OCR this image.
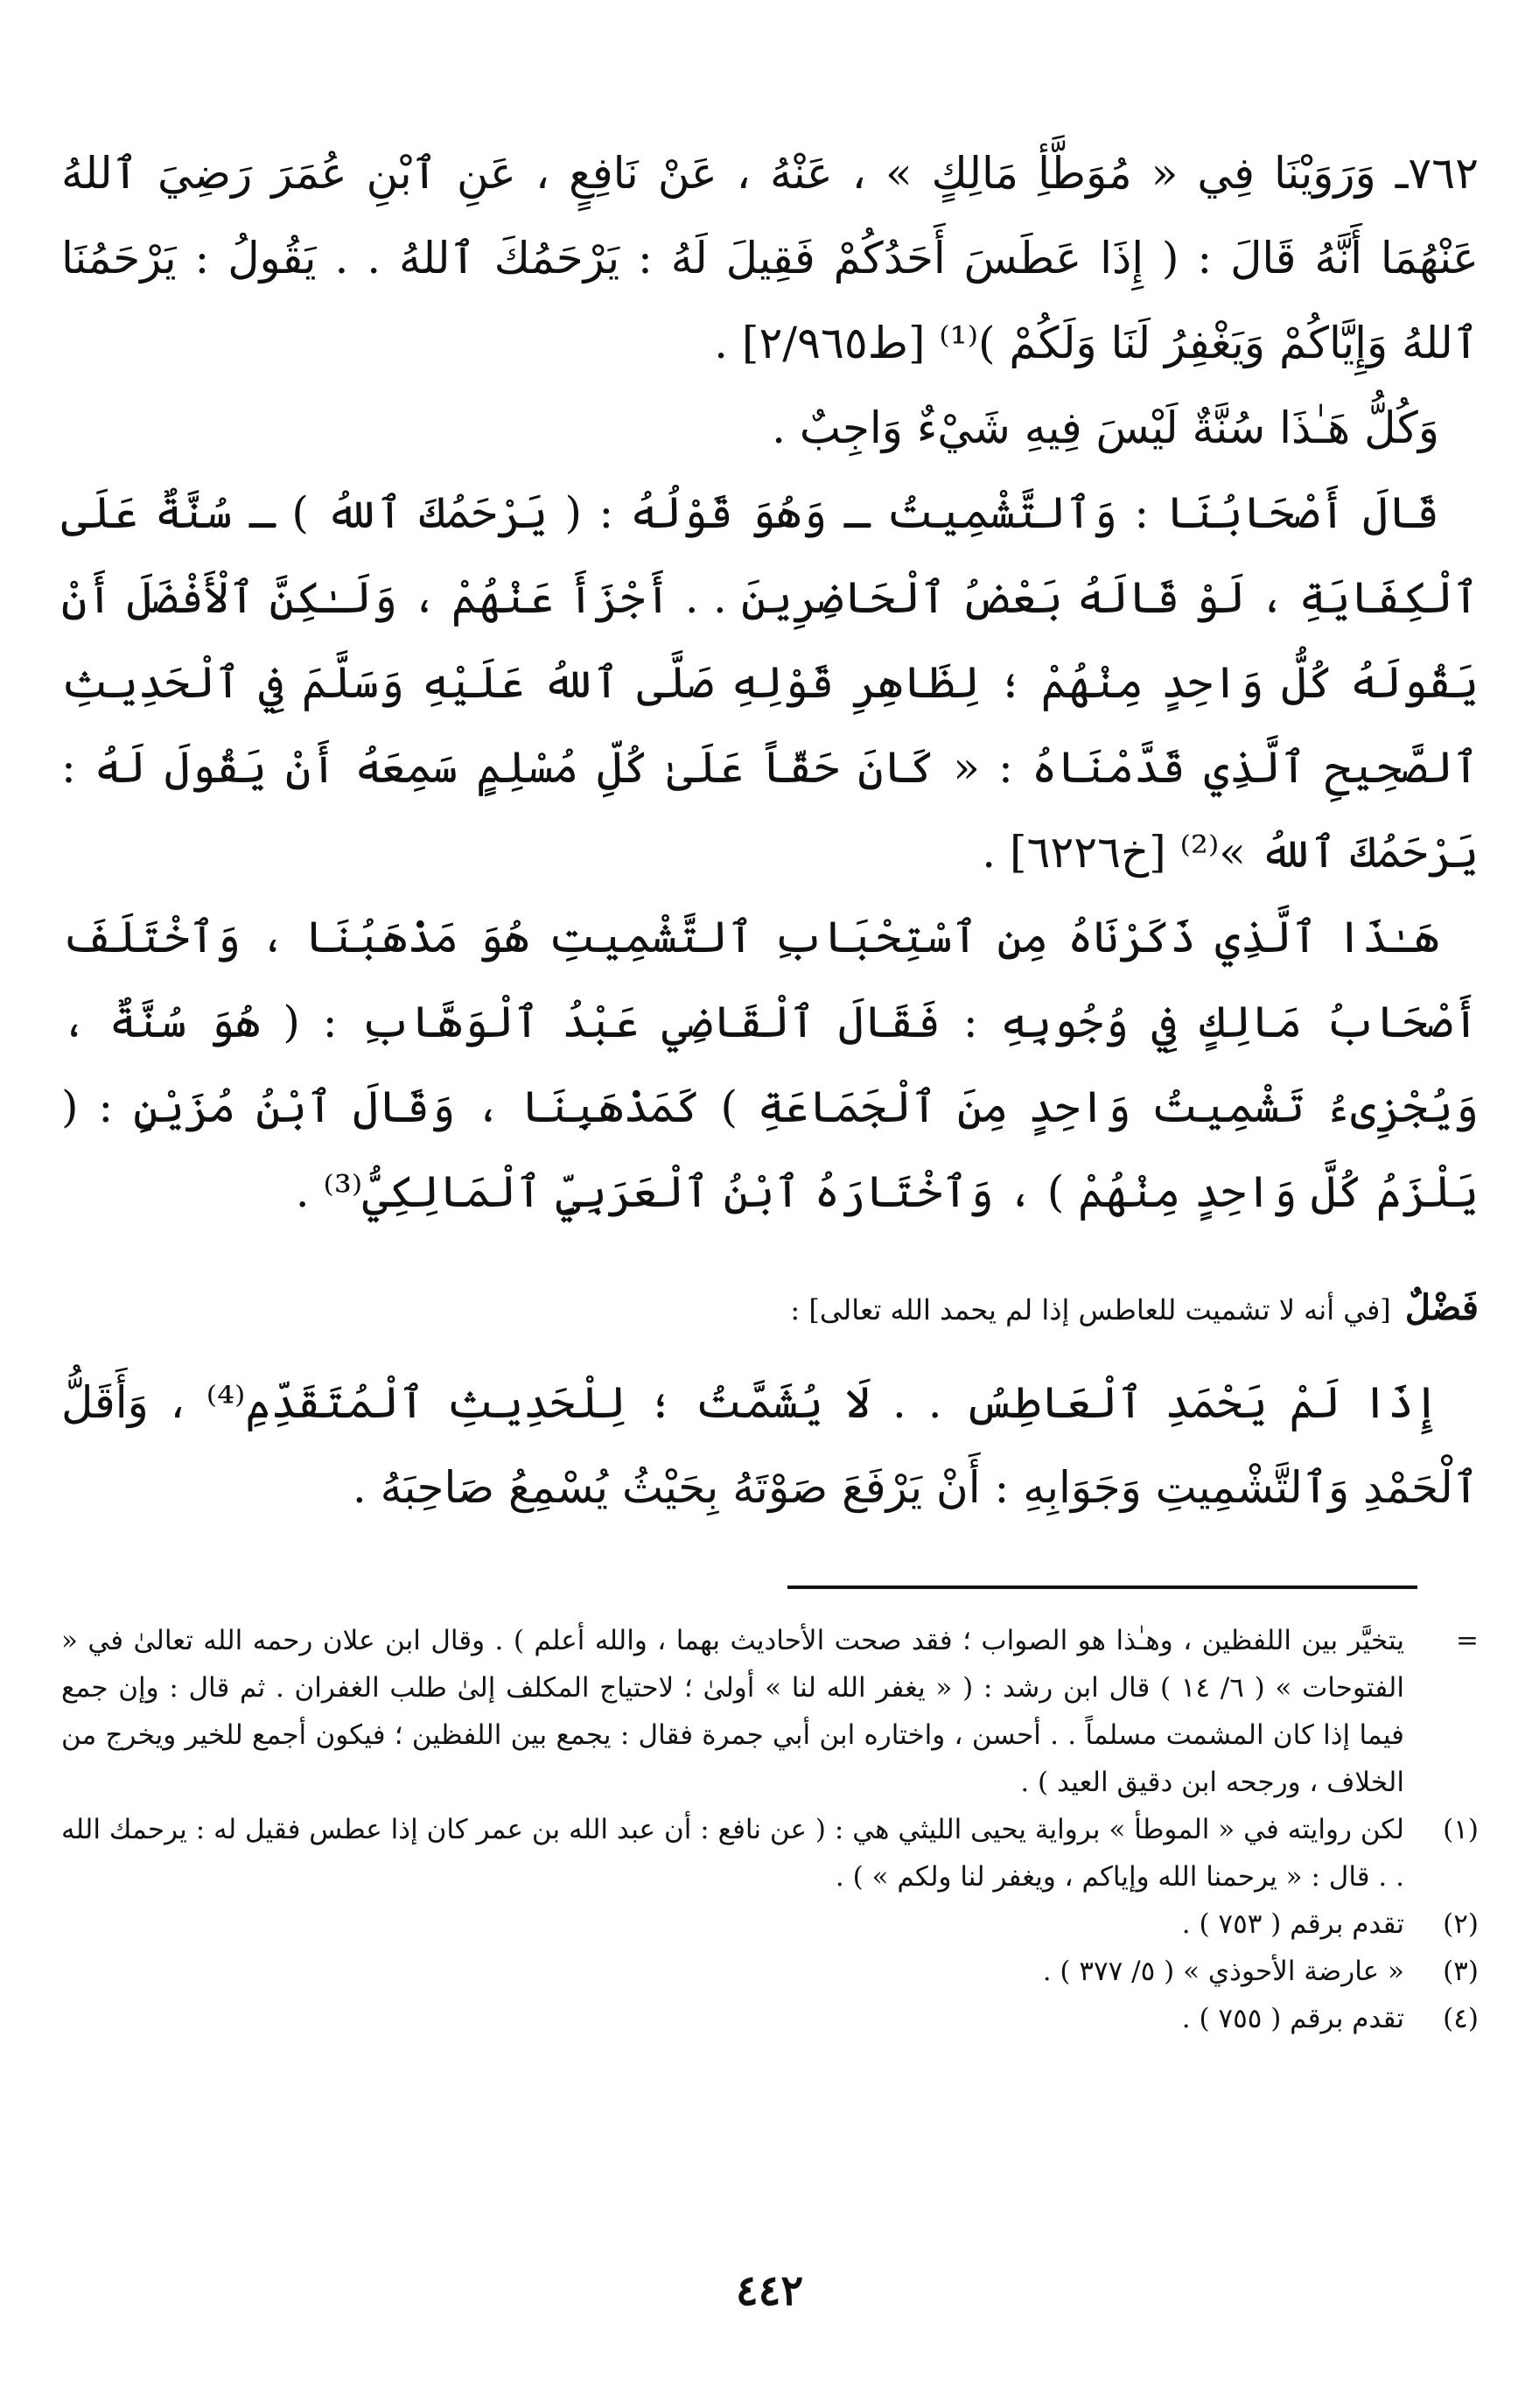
٧٦٢ـ وَرَوَيْنَا فِي « مُوَطَّأِ مَالِكٍ » ، عَنْهُ ، عَنْ نَافِعٍ ، عَنِ ٱبْنِ عُمَرَ رَضِيَ ٱللهُ عَنْهُمَا أَنَّهُ قَالَ : ( إِذَا عَطَسَ أَحَدُكُمْ فَقِيلَ لَهُ : يَرْحَمُكَ ٱللهُ . . يَقُولُ : يَرْحَمُنَا ٱللهُ وَإِيَّاكُمْ وَيَغْفِرُ لَنَا وَلَكُمْ )⁽¹⁾ [ط٢/٩٦٥] .

وَكُلُّ هَـٰذَا سُنَّةٌ لَيْسَ فِيهِ شَيْءٌ وَاجِبٌ .

قَالَ أَصْحَابُنَا : وَٱلتَّشْمِيتُ ـ وَهُوَ قَوْلُهُ : ( يَرْحَمُكَ ٱللهُ ) ـ سُنَّةٌ عَلَى ٱلْكِفَايَةِ ، لَوْ قَالَهُ بَعْضُ ٱلْحَاضِرِينَ . . أَجْزَأَ عَنْهُمْ ، وَلَـٰكِنَّ ٱلْأَفْضَلَ أَنْ يَقُولَهُ كُلُّ وَاحِدٍ مِنْهُمْ ؛ لِظَاهِرِ قَوْلِهِ صَلَّى ٱللهُ عَلَيْهِ وَسَلَّمَ فِي ٱلْحَدِيثِ ٱلصَّحِيحِ ٱلَّذِي قَدَّمْنَاهُ : « كَانَ حَقّاً عَلَىٰ كُلِّ مُسْلِمٍ سَمِعَهُ أَنْ يَقُولَ لَهُ : يَرْحَمُكَ ٱللهُ »⁽²⁾ [خ٦٢٢٦] .

هَـٰذَا ٱلَّذِي ذَكَرْنَاهُ مِنِ ٱسْتِحْبَابِ ٱلتَّشْمِيتِ هُوَ مَذْهَبُنَا ، وَٱخْتَلَفَ أَصْحَابُ مَالِكٍ فِي وُجُوبِهِ : فَقَالَ ٱلْقَاضِي عَبْدُ ٱلْوَهَّابِ : ( هُوَ سُنَّةٌ ، وَيُجْزِىءُ تَشْمِيتُ وَاحِدٍ مِنَ ٱلْجَمَاعَةِ ) كَمَذْهَبِنَا ، وَقَالَ ٱبْنُ مُزَيْنٍ : ( يَلْزَمُ كُلَّ وَاحِدٍ مِنْهُمْ ) ، وَٱخْتَارَهُ ٱبْنُ ٱلْعَرَبِيِّ ٱلْمَالِكِيُّ⁽³⁾ .

فَضْلٌ [في أنه لا تشميت للعاطس إذا لم يحمد الله تعالى] :

إِذَا لَمْ يَحْمَدِ ٱلْعَاطِسُ . . لَا يُشَمَّتُ ؛ لِلْحَدِيثِ ٱلْمُتَقَدِّمِ⁽⁴⁾ ، وَأَقَلُّ ٱلْحَمْدِ وَٱلتَّشْمِيتِ وَجَوَابِهِ : أَنْ يَرْفَعَ صَوْتَهُ بِحَيْثُ يُسْمِعُ صَاحِبَهُ .

=
يتخيَّر بين اللفظين ، وهـٰذا هو الصواب ؛ فقد صحت الأحاديث بهما ، والله أعلم ) . وقال ابن علان رحمه الله تعالىٰ في « الفتوحات » ( ٦/ ١٤ ) قال ابن رشد : ( « يغفر الله لنا » أولىٰ ؛ لاحتياج المكلف إلىٰ طلب الغفران . ثم قال : وإن جمع فيما إذا كان المشمت مسلماً . . أحسن ، واختاره ابن أبي جمرة فقال : يجمع بين اللفظين ؛ فيكون أجمع للخير ويخرج من الخلاف ، ورجحه ابن دقيق العيد ) .
(١)
لكن روايته في « الموطأ » برواية يحيى الليثي هي : ( عن نافع : أن عبد الله بن عمر كان إذا عطس فقيل له : يرحمك الله . . قال : « يرحمنا الله وإياكم ، ويغفر لنا ولكم » ) .
(٢)
تقدم برقم ( ٧٥٣ ) .
(٣)
« عارضة الأحوذي » ( ٥/ ٣٧٧ ) .
(٤)
تقدم برقم ( ٧٥٥ ) .
٤٤٢
